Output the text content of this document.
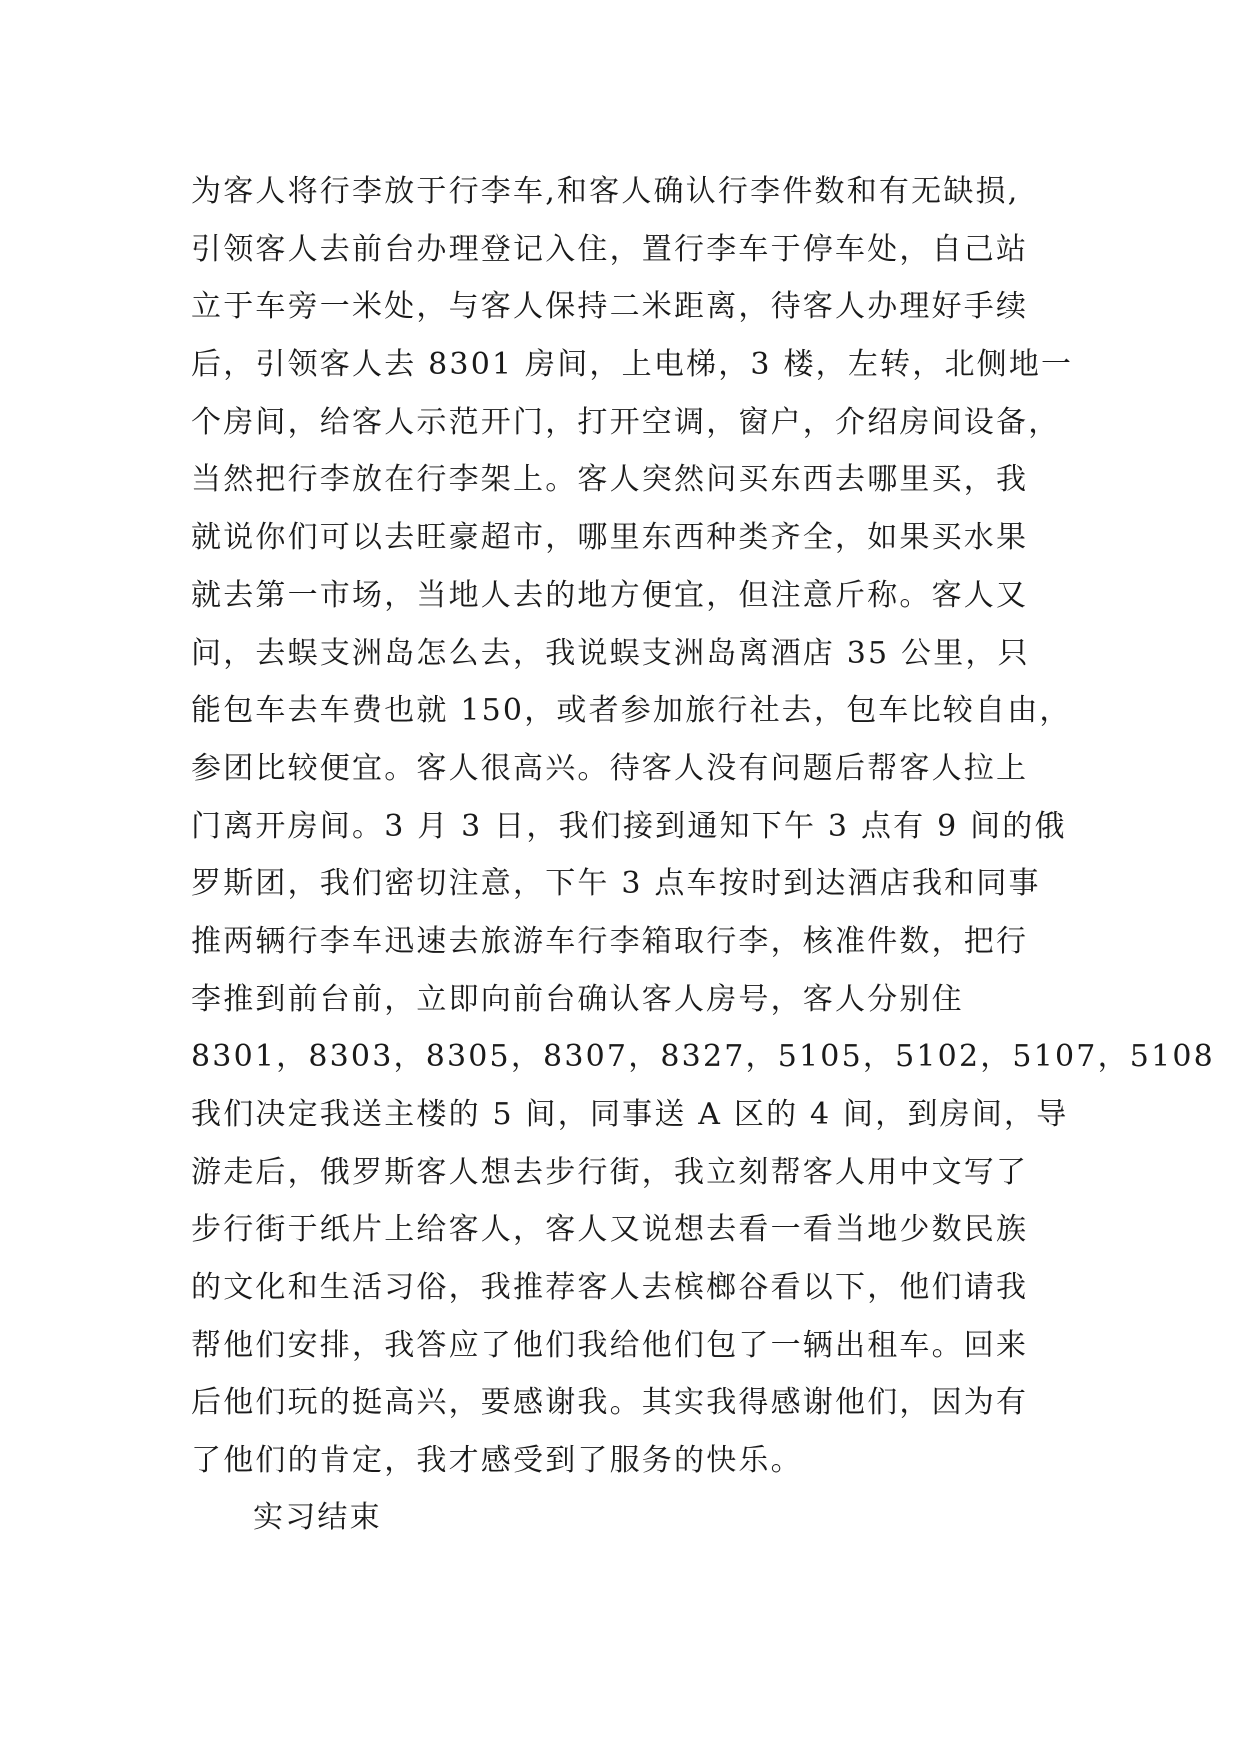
为客人将行李放于行李车,和客人确认行李件数和有无缺损,
引领客人去前台办理登记入住，置行李车于停车处，自己站
立于车旁一米处，与客人保持二米距离，待客人办理好手续
后，引领客人去 8301 房间，上电梯，3 楼，左转，北侧地一
个房间，给客人示范开门，打开空调，窗户，介绍房间设备，
当然把行李放在行李架上。客人突然问买东西去哪里买，我
就说你们可以去旺豪超市，哪里东西种类齐全，如果买水果
就去第一市场，当地人去的地方便宜，但注意斤称。客人又
问，去蜈支洲岛怎么去，我说蜈支洲岛离酒店 35 公里，只
能包车去车费也就 150，或者参加旅行社去，包车比较自由，
参团比较便宜。客人很高兴。待客人没有问题后帮客人拉上
门离开房间。3 月 3 日，我们接到通知下午 3 点有 9 间的俄
罗斯团，我们密切注意，下午 3 点车按时到达酒店我和同事
推两辆行李车迅速去旅游车行李箱取行李，核准件数，把行
李推到前台前，立即向前台确认客人房号，客人分别住
8301，8303，8305，8307，8327，5105，5102，5107，5108
我们决定我送主楼的 5 间，同事送 A 区的 4 间，到房间，导
游走后，俄罗斯客人想去步行街，我立刻帮客人用中文写了
步行街于纸片上给客人，客人又说想去看一看当地少数民族
的文化和生活习俗，我推荐客人去槟榔谷看以下，他们请我
帮他们安排，我答应了他们我给他们包了一辆出租车。回来
后他们玩的挺高兴，要感谢我。其实我得感谢他们，因为有
了他们的肯定，我才感受到了服务的快乐。
实习结束
